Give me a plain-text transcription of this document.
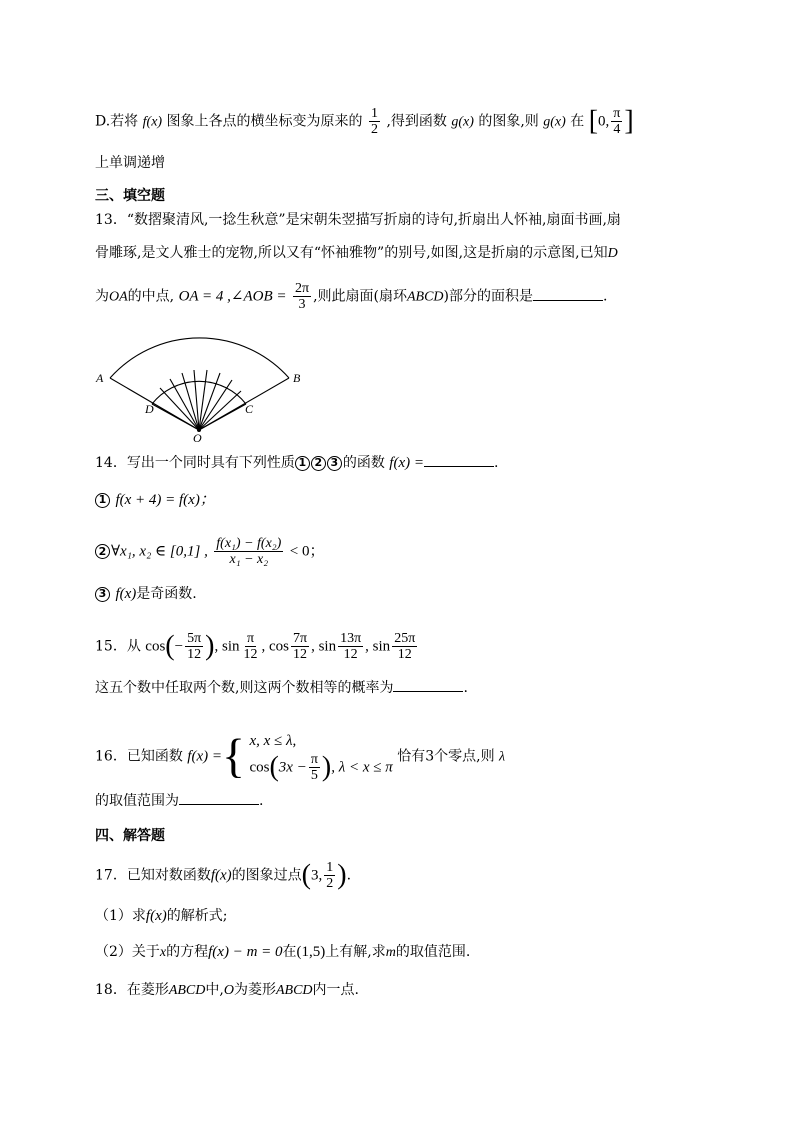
D.若将 f(x) 图象上各点的横坐标变为原来的 $\frac{1}{2}$ ,得到函数 g(x) 的图象,则 g(x) 在 [0, $\frac{\pi}{4}$ ]
上单调递增
三、填空题
13．“数摺聚清风,一捻生秋意”是宋朝朱翌描写折扇的诗句,折扇出人怀袖,扇面书画,扇
骨雕琢,是文人雅士的宠物,所以又有“怀袖雅物”的别号,如图,这是折扇的示意图,已知D
为OA的中点, OA = 4 ,∠AOB = $\frac{2\pi}{3}$ ,则此扇面(扇环ABCD)部分的面积是	.
A	B
C
D
O
14．写出一个同时具有下列性质 1 2 3 的函数 f(x) =	.
1 f(x + 4) = f(x)；
2 ∀x₁, x₂ ∈ [0,1] , $\frac{\text{f(x₁) − f(x₂)}}{\text{x₁ − x₂}} < 0$；
3 f(x)是奇函数.
15．从 $\cos(- \frac{5\pi}{12}$ ), $\sin \frac{\pi}{12}$ , $\cos \frac{7\pi}{12}$ , $\sin \frac{13\pi}{12}$ , $\sin \frac{25\pi}{12}$
这五个数中任取两个数,则这两个数相等的概率为	.
16．已知函数 f(x) ={ x, x ≤ λ,
$\cos(3x - \frac{\pi}{5}$ ), λ < x ≤ π
恰有3个零点,则 λ
的取值范围为	.
四、解答题
17．已知对数函数f(x)的图象过点(3, $\frac{1}{2}$ ).
（1）求f(x)的解析式;
（2）关于x的方程f(x) − m = 0在(1,5)上有解,求m的取值范围.
18．在菱形ABCD中,O为菱形ABCD内一点.
